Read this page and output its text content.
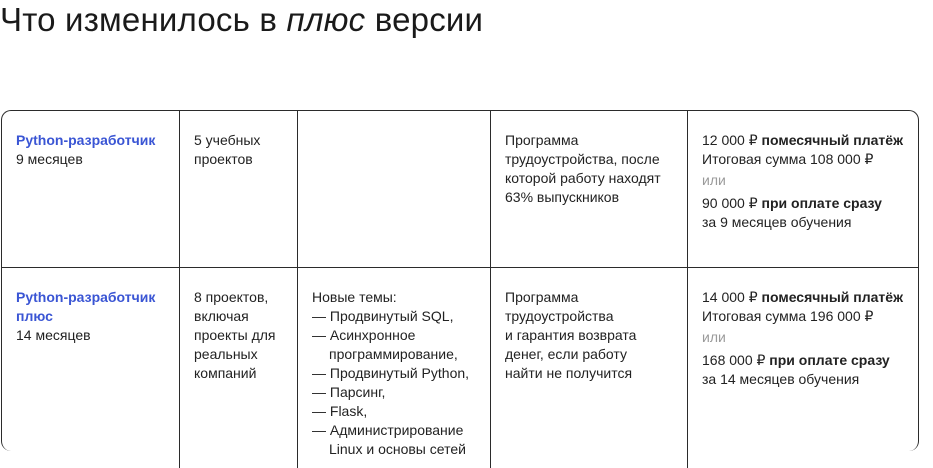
Что изменилось в плюс версии
Python-разработчик
9 месяцев
5 учебных
проектов
Программа
трудоустройства, после
которой работу находят
63% выпускников
12 000 ₽ помесячный платёж
Итоговая сумма 108 000 ₽
или
90 000 ₽ при оплате сразу
за 9 месяцев обучения
Python-разработчик
плюс
14 месяцев
8 проектов,
включая
проекты для
реальных
компаний
Новые темы:
— Продвинутый SQL,
— Асинхронное
программирование,
— Продвинутый Python,
— Парсинг,
— Flask,
— Администрирование
Linux и основы сетей
Программа
трудоустройства
и гарантия возврата
денег, если работу
найти не получится
14 000 ₽ помесячный платёж
Итоговая сумма 196 000 ₽
или
168 000 ₽ при оплате сразу
за 14 месяцев обучения
